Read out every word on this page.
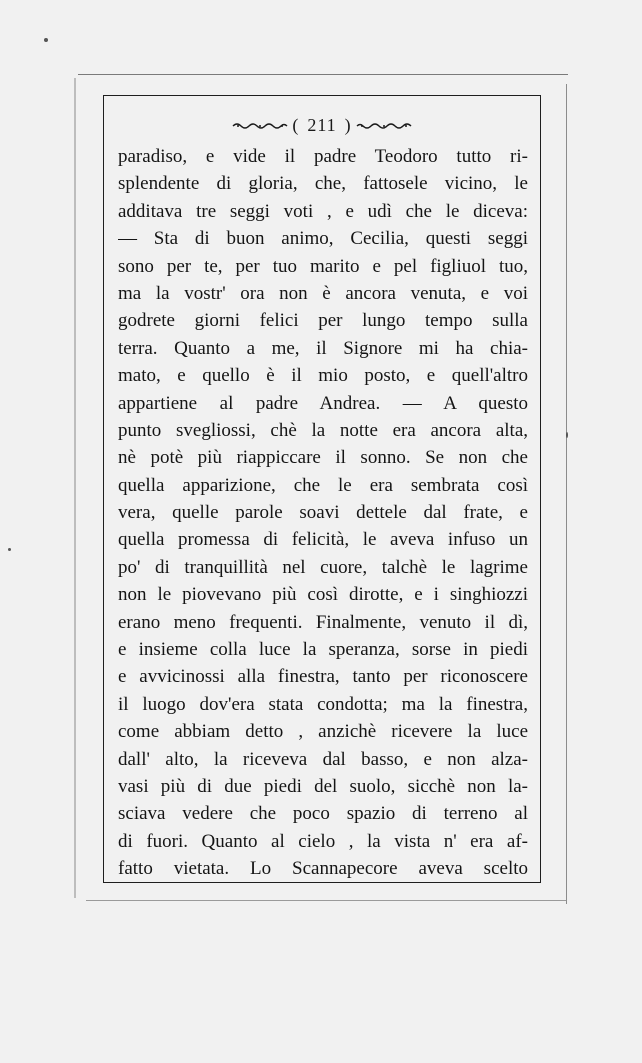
( 211 )
paradiso, e vide il padre Teodoro tutto ri-
splendente di gloria, che, fattosele vicino, le
additava tre seggi voti , e udì che le diceva:
— Sta di buon animo, Cecilia, questi seggi
sono per te, per tuo marito e pel figliuol tuo,
ma la vostr' ora non è ancora venuta, e voi
godrete giorni felici per lungo tempo sulla
terra. Quanto a me, il Signore mi ha chia-
mato, e quello è il mio posto, e quell'altro
appartiene al padre Andrea. — A questo
punto svegliossi, chè la notte era ancora alta,
nè potè più riappiccare il sonno. Se non che
quella apparizione, che le era sembrata così
vera, quelle parole soavi dettele dal frate, e
quella promessa di felicità, le aveva infuso un
po' di tranquillità nel cuore, talchè le lagrime
non le piovevano più così dirotte, e i singhiozzi
erano meno frequenti. Finalmente, venuto il dì,
e insieme colla luce la speranza, sorse in piedi
e avvicinossi alla finestra, tanto per riconoscere
il luogo dov'era stata condotta; ma la finestra,
come abbiam detto , anzichè ricevere la luce
dall' alto, la riceveva dal basso, e non alza-
vasi più di due piedi del suolo, sicchè non la-
sciava vedere che poco spazio di terreno al
di fuori. Quanto al cielo , la vista n' era af-
fatto vietata. Lo Scannapecore aveva scelto
